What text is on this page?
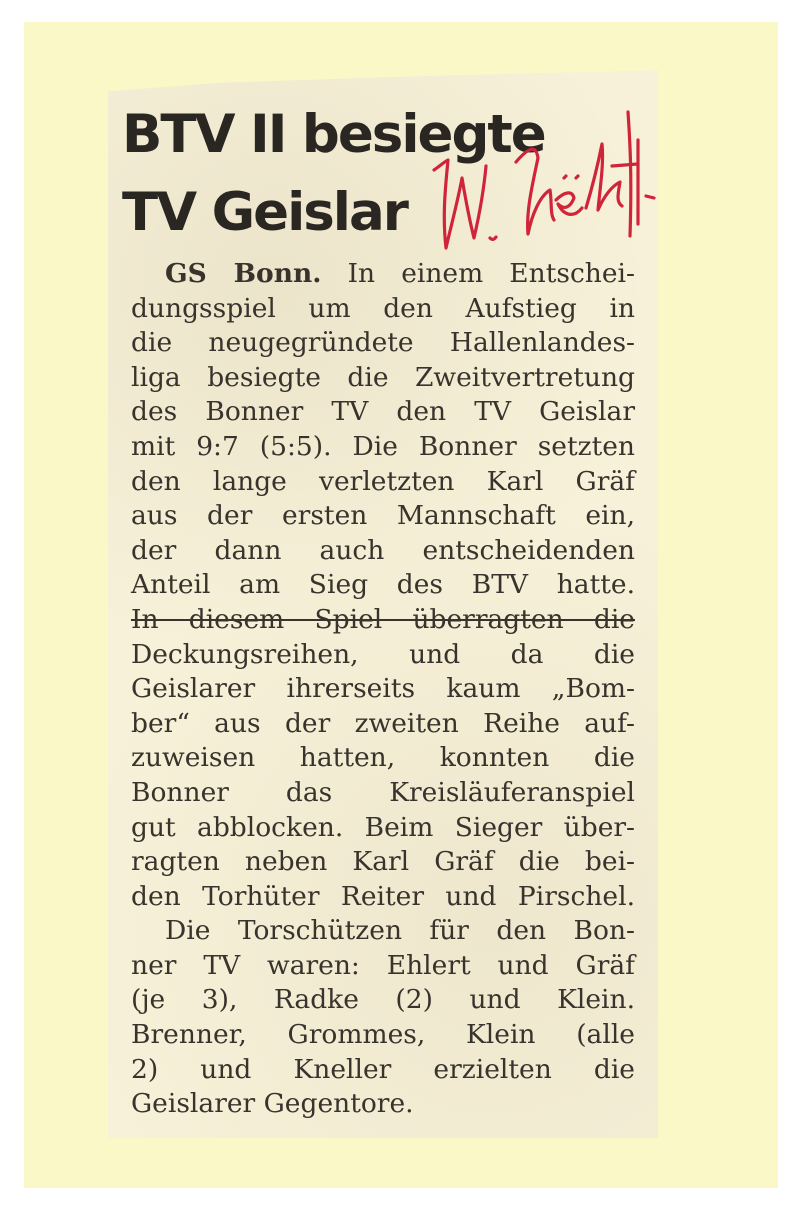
BTV II besiegte
TV Geislar
GS Bonn. In einem Entschei-
dungsspiel um den Aufstieg in
die neugegründete Hallenlandes-
liga besiegte die Zweitvertretung
des Bonner TV den TV Geislar
mit 9:7 (5:5). Die Bonner setzten
den lange verletzten Karl Gräf
aus der ersten Mannschaft ein,
der dann auch entscheidenden
Anteil am Sieg des BTV hatte.
In diesem Spiel überragten die
Deckungsreihen, und da die
Geislarer ihrerseits kaum „Bom-
ber“ aus der zweiten Reihe auf-
zuweisen hatten, konnten die
Bonner das Kreisläuferanspiel
gut abblocken. Beim Sieger über-
ragten neben Karl Gräf die bei-
den Torhüter Reiter und Pirschel.
Die Torschützen für den Bon-
ner TV waren: Ehlert und Gräf
(je 3), Radke (2) und Klein.
Brenner, Grommes, Klein (alle
2) und Kneller erzielten die
Geislarer Gegentore.
